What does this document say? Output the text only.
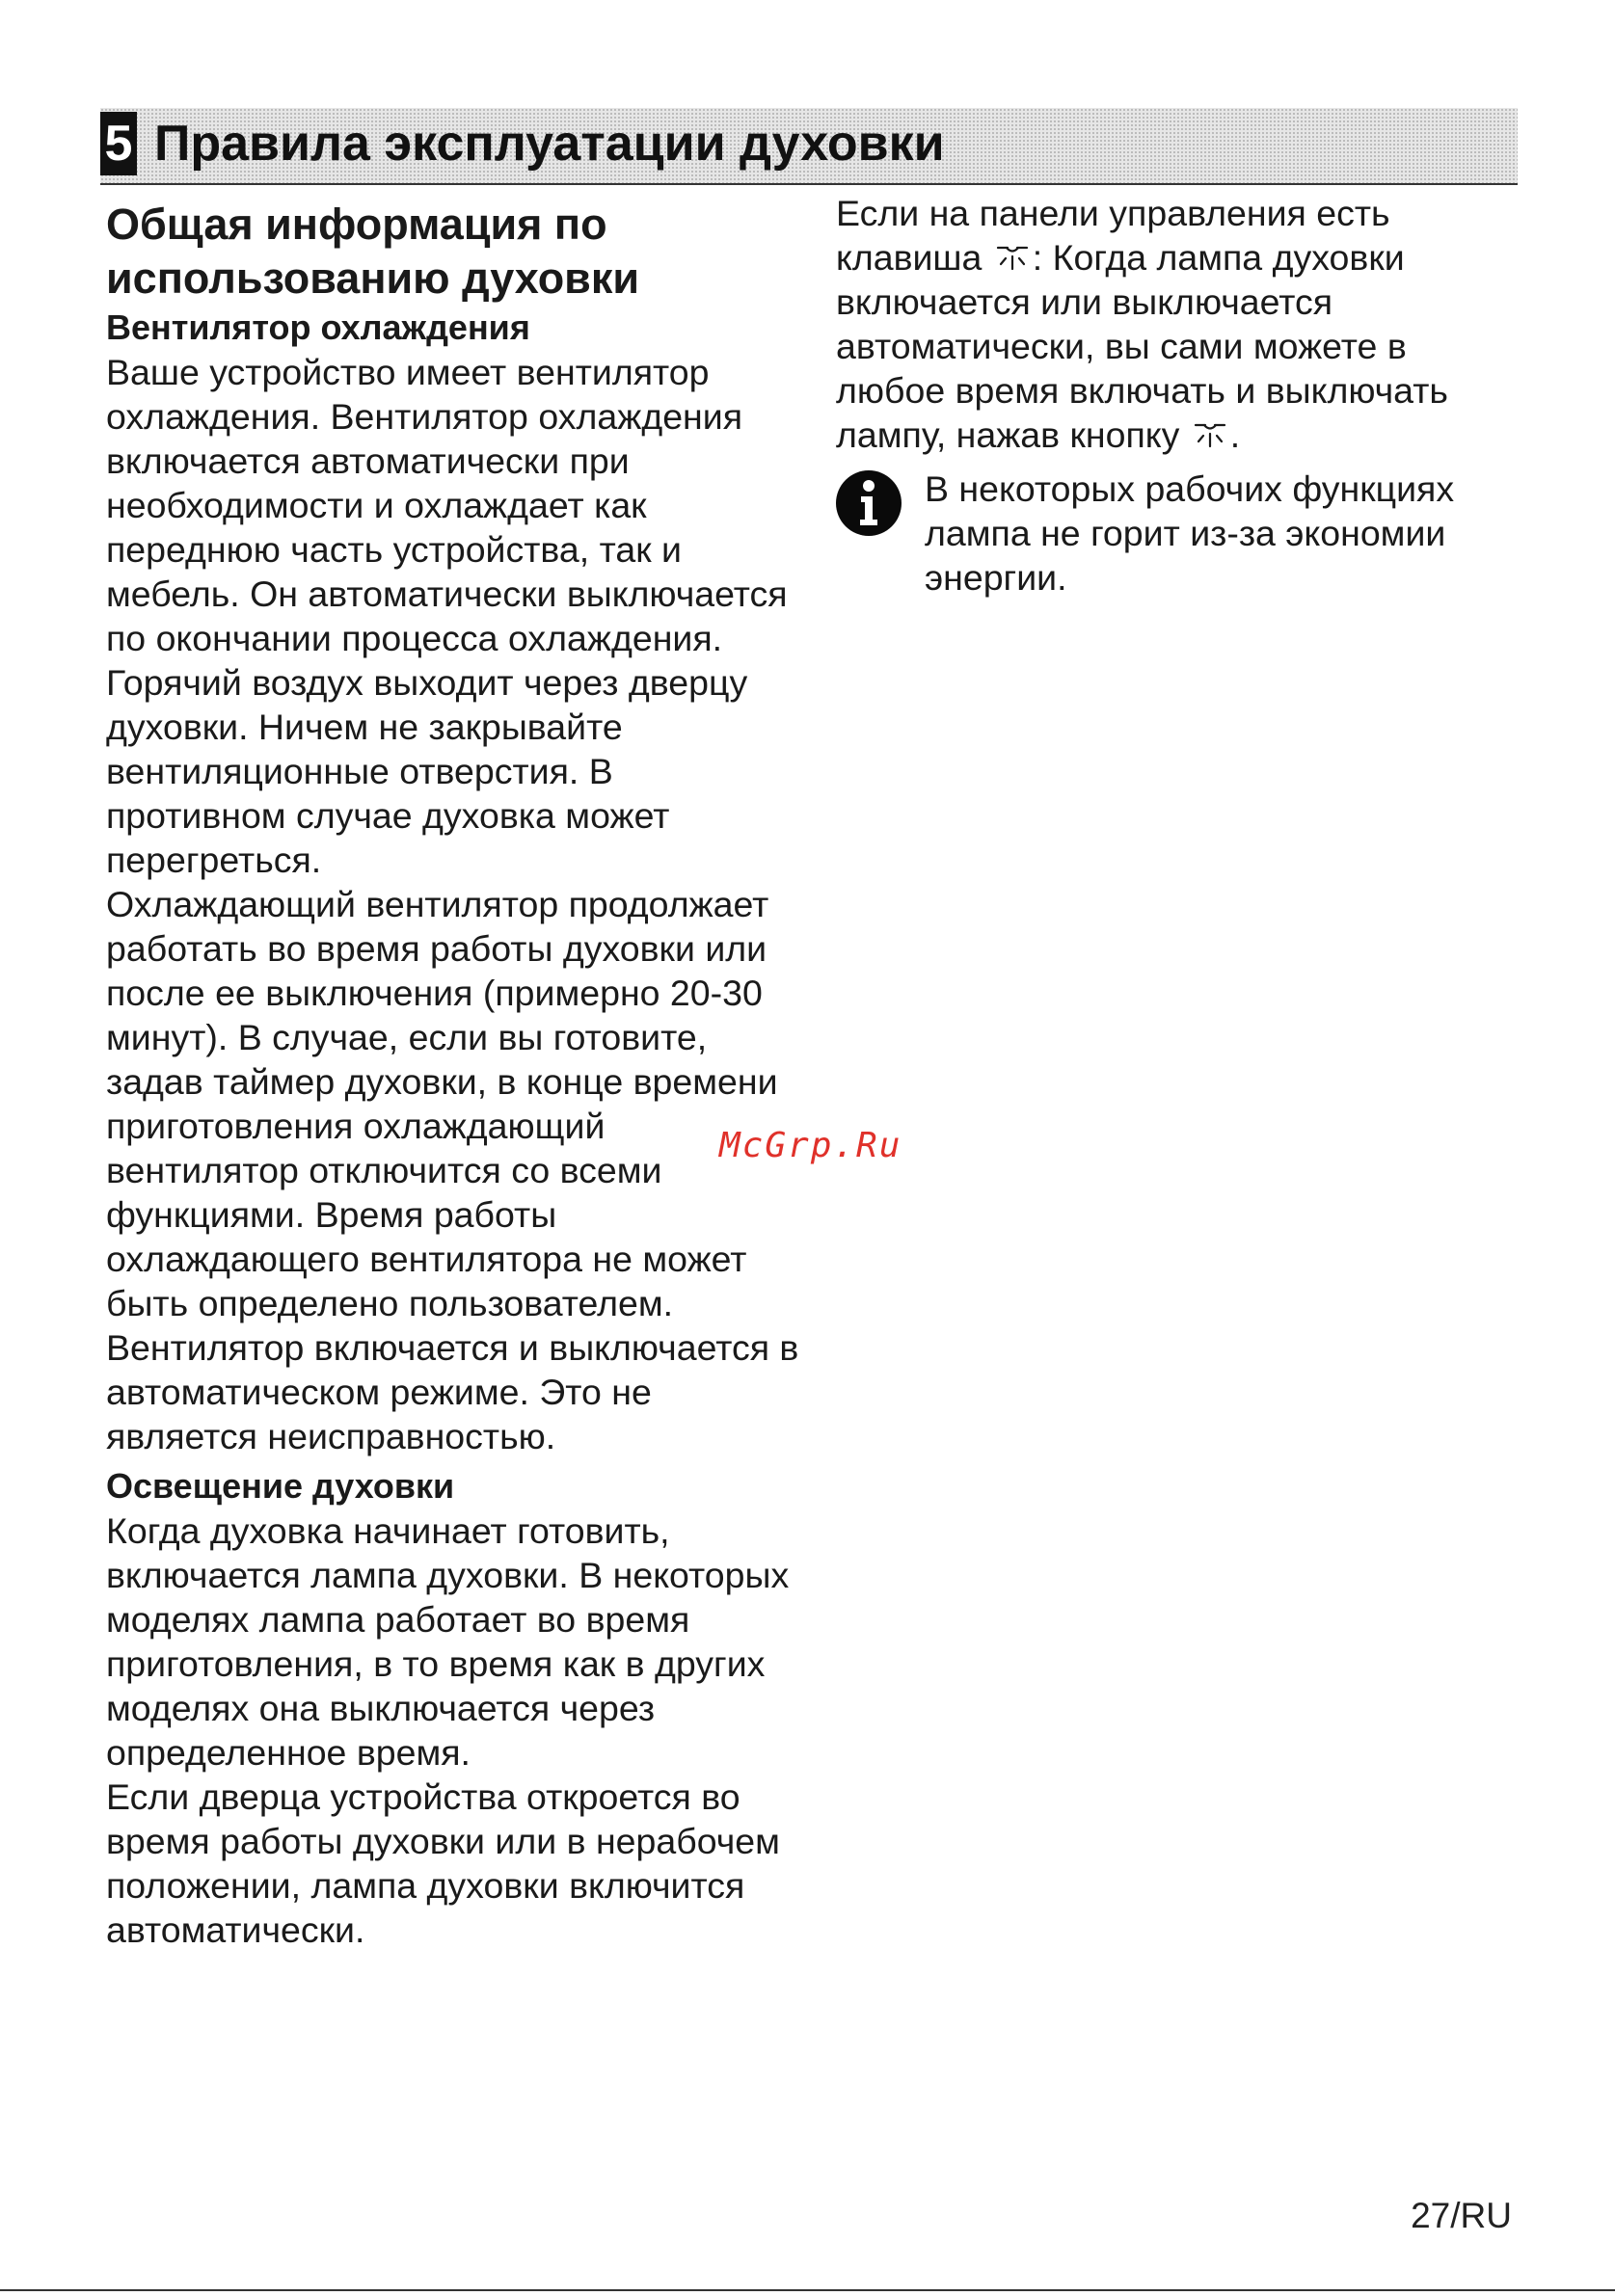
5 Правила эксплуатации духовки
Общая информация по использованию духовки
Вентилятор охлаждения

Ваше устройство имеет вентилятор охлаждения. Вентилятор охлаждения включается автоматически при необходимости и охлаждает как переднюю часть устройства, так и мебель. Он автоматически выключается по окончании процесса охлаждения.

Горячий воздух выходит через дверцу духовки. Ничем не закрывайте вентиляционные отверстия. В противном случае духовка может перегреться.

Охлаждающий вентилятор продолжает работать во время работы духовки или после ее выключения (примерно 20-30 минут). В случае, если вы готовите, задав таймер духовки, в конце времени приготовления охлаждающий вентилятор отключится со всеми функциями. Время работы охлаждающего вентилятора не может быть определено пользователем. Вентилятор включается и выключается в автоматическом режиме. Это не является неисправностью.

Освещение духовки

Когда духовка начинает готовить, включается лампа духовки. В некоторых моделях лампа работает во время приготовления, в то время как в других моделях она выключается через определенное время.

Если дверца устройства откроется во время работы духовки или в нерабочем положении, лампа духовки включится автоматически.

Если на панели управления есть клавиша : Когда лампа духовки включается или выключается автоматически, вы сами можете в любое время включать и выключать лампу, нажав кнопку .

В некоторых рабочих функциях лампа не горит из-за экономии энергии.

McGrp.Ru
27/RU
